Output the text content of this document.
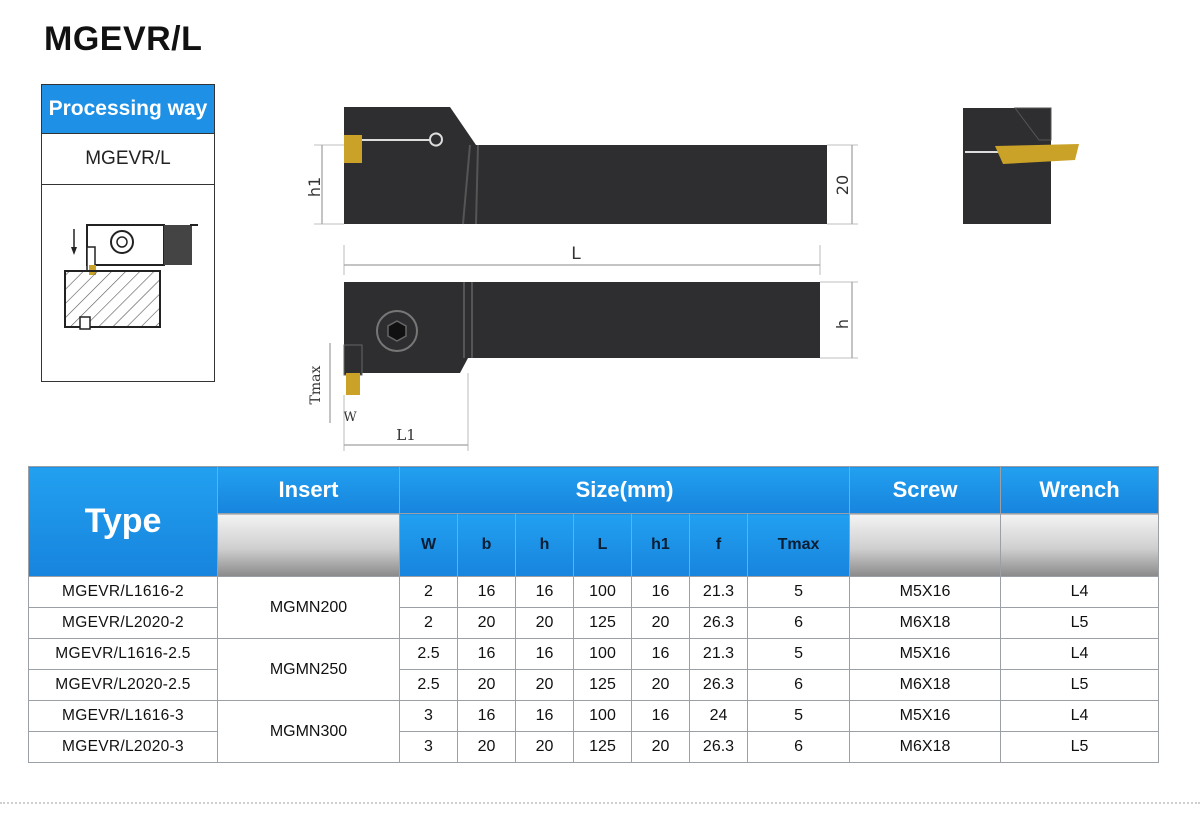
MGEVR/L
Processing way
MGEVR/L
h1	20
L
h
Tmax
W
L1
Type	Insert	Size(mm)							Screw	Wrench
		W	b	h	L	h1	f	Tmax		
MGEVR/L1616-2	MGMN200	2	16	16	100	16	21.3	5	M5X16	L4
MGEVR/L2020-2		2	20	20	125	20	26.3	6	M6X18	L5
MGEVR/L1616-2.5	MGMN250	2.5	16	16	100	16	21.3	5	M5X16	L4
MGEVR/L2020-2.5		2.5	20	20	125	20	26.3	6	M6X18	L5
MGEVR/L1616-3	MGMN300	3	16	16	100	16	24	5	M5X16	L4
MGEVR/L2020-3		3	20	20	125	20	26.3	6	M6X18	L5
